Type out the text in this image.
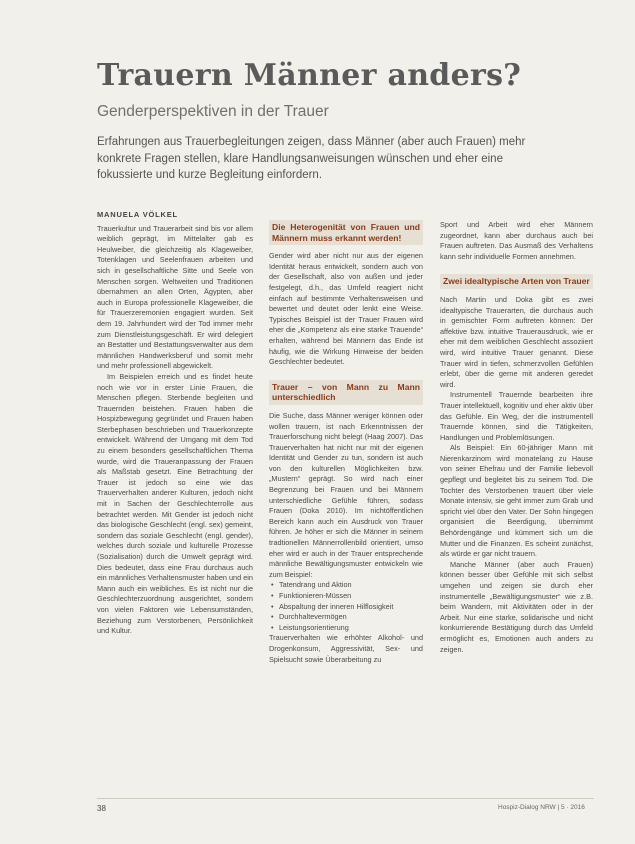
Trauern Männer anders?
Genderperspektiven in der Trauer
Erfahrungen aus Trauerbegleitungen zeigen, dass Männer (aber auch Frauen) mehr konkrete Fragen stellen, klare Handlungsanweisungen wünschen und eher eine fokussierte und kurze Begleitung einfordern.

MANUELA VÖLKEL

Trauerkultur und Trauerarbeit sind bis vor allem weiblich geprägt, im Mittelalter gab es Heulweiber, die gleichzeitig als Klageweiber, Totenklagen und Seelenfrauen arbeiten und sich in gesellschaftliche Sitte und Seele von Menschen sorgen. Weltweiten und Traditionen übernahmen an allen Orten, Ägypten, aber auch in Europa professionelle Klageweiber, die für Trauerzeremonien engagiert wurden. Seit dem 19. Jahrhundert wird der Tod immer mehr zum Dienstleistungsgeschäft. Er wird delegiert an Bestatter und Bestattungsverwalter aus dem männlichen Handwerksberuf und somit mehr und mehr professionell abgewickelt.

Im Beispielen erreich und es findet heute noch wie vor in erster Linie Frauen, die Menschen pflegen. Sterbende begleiten und Trauernden beistehen. Frauen haben die Hospizbewegung gegründet und Frauen haben Sterbephasen beschrieben und Trauerkonzepte entwickelt. Während der Umgang mit dem Tod zu einem besonders gesellschaftlichen Thema wurde, wird die Traueranpassung der Frauen als Maßstab gesetzt. Eine Betrachtung der Trauer ist jedoch so eine wie das Trauerverhalten anderer Kulturen, jedoch nicht mit in Sachen der Geschlechterrolle aus betrachtet werden. Mit Gender ist jedoch nicht das biologische Geschlecht (engl. sex) gemeint, sondern das soziale Geschlecht (engl. gender), welches durch soziale und kulturelle Prozesse (Sozialisation) durch die Umwelt geprägt wird. Dies bedeutet, dass eine Frau durchaus auch ein männliches Verhaltensmuster haben und ein Mann auch ein weibliches. Es ist nicht nur die Geschlechterzuordnung ausgerichtet, sondern von vielen Faktoren wie Lebensumständen, Beziehung zum Verstorbenen, Persönlichkeit und Kultur.

Die Heterogenität von Frauen und Männern muss erkannt werden!

Gender wird aber nicht nur aus der eigenen Identität heraus entwickelt, sondern auch von der Gesellschaft, also von außen und jeder festgelegt, d.h., das Umfeld reagiert nicht einfach auf bestimmte Verhaltensweisen und bewertet und deutet oder lenkt eine Weise. Typisches Beispiel ist der Trauer Frauen wird eher die „Kompetenz als eine starke Trauende“ erhalten, während bei Männern das Ende ist häufig, wie die Wirkung Hinweise der beiden Geschlechter bedeutet.

Trauer – von Mann zu Mann unterschiedlich

Die Suche, dass Männer weniger können oder wollen trauern, ist nach Erkenntnissen der Trauerforschung nicht belegt (Haag 2007). Das Trauerverhalten hat nicht nur mit der eigenen Identität und Gender zu tun, sondern ist auch von den kulturellen Möglichkeiten bzw. „Mustern“ geprägt. So wird nach einer Begrenzung bei Frauen und bei Männern unterschiedliche Gefühle führen, sodass Frauen (Doka 2010). Im nichtöffentlichen Bereich kann auch ein Ausdruck von Trauer führen. Je höher er sich die Männer in seinem tradtionellen Männerrollenbild orientiert, umso eher wird er auch in der Trauer entsprechende männliche Bewältigungsmuster entwickeln wie zum Beispiel:

• Tatendrang und Aktion
• Funktionieren-Müssen
• Abspaltung der inneren Hilflosigkeit
• Durchhaltevermögen
• Leistungsorientierung

Trauerverhalten wie erhöhter Alkohol- und Drogenkonsum, Aggressivität, Sex- und Spielsucht sowie Überarbeitung zu

Sport und Arbeit wird eher Männern zugeordnet, kann aber durchaus auch bei Frauen auftreten. Das Ausmaß des Verhaltens kann sehr individuelle Formen annehmen.

Zwei idealtypische Arten von Trauer

Nach Martin und Doka gibt es zwei idealtypische Trauerarten, die durchaus auch in gemischter Form auftreten können: Der affektive bzw. intuitive Trauerausdruck, wie er eher mit dem weiblichen Geschlecht assoziiert wird, wird intuitive Trauer genannt. Diese Trauer wird in tiefen, schmerzvollen Gefühlen erlebt, über die gerne mit anderen geredet wird.

Instrumentell Trauernde bearbeiten ihre Trauer intellektuell, kognitiv und eher aktiv über das Gefühle. Ein Weg, der die instrumentell Trauernde können, sind die Tätigkeiten, Handlungen und Problemlösungen.

Als Beispiel: Ein 60-jähriger Mann mit Nierenkarzinom wird monatelang zu Hause von seiner Ehefrau und der Familie liebevoll gepflegt und begleitet bis zu seinem Tod. Die Tochter des Verstorbenen trauert über viele Monate intensiv, sie geht immer zum Grab und spricht viel über den Vater. Der Sohn hingegen organisiert die Beerdigung, übernimmt Behördengänge und kümmert sich um die Mutter und die Finanzen. Es scheint zunächst, als würde er gar nicht trauern.

Manche Männer (aber auch Frauen) können besser über Gefühle mit sich selbst umgehen und zeigen sie durch eher instrumentelle „Bewältigungsmuster“ wie z.B. beim Wandern, mit Aktivitäten oder in der Arbeit. Nur eine starke, solidarische und nicht konkurrierende Bestätigung durch das Umfeld ermöglicht es, Emotionen auch anders zu zeigen.

38	Hospiz-Dialog NRW | 5 · 2016
